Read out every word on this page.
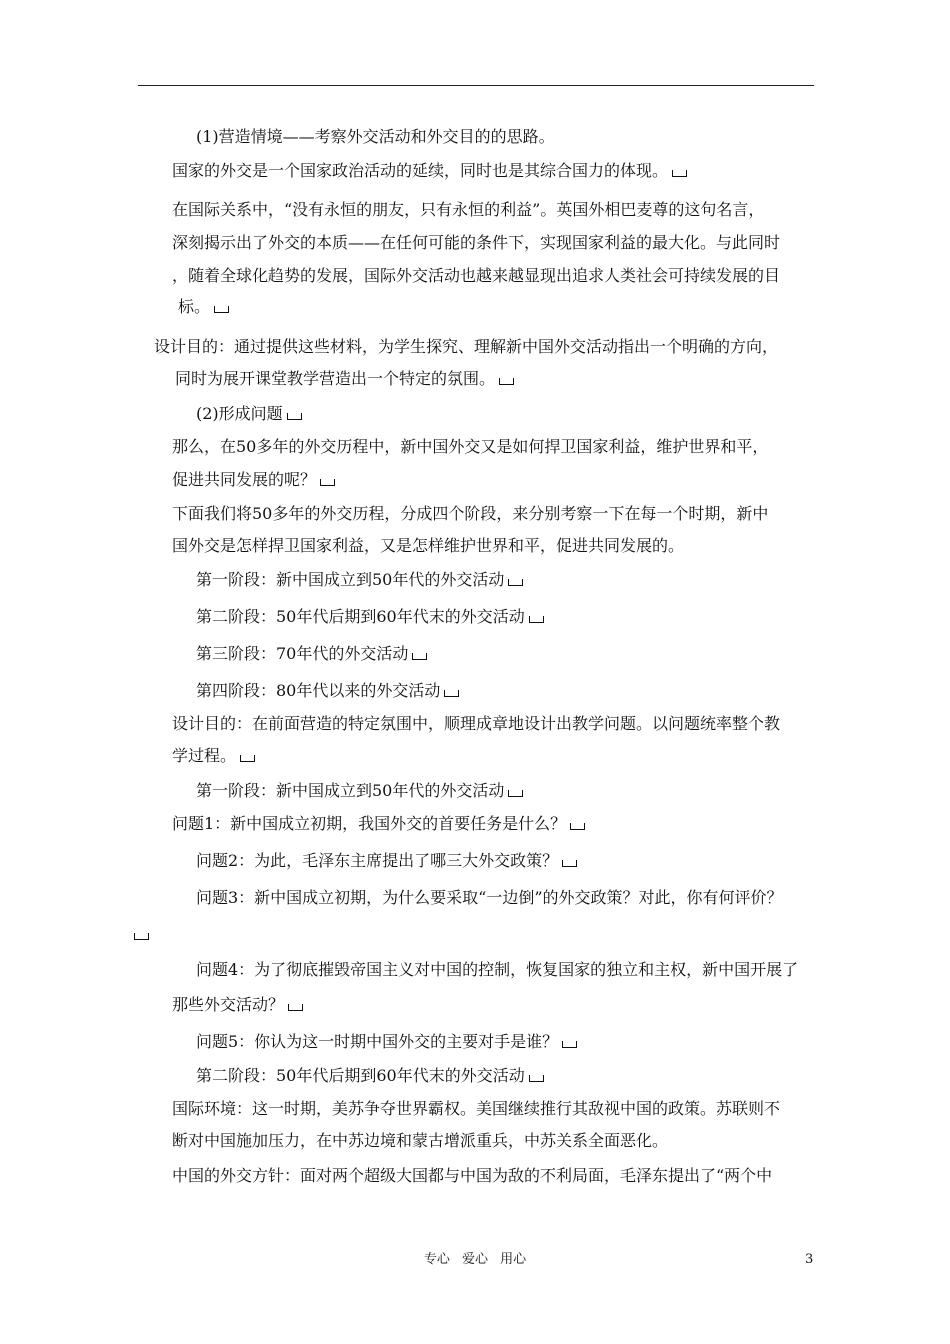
(1)营造情境——考察外交活动和外交目的的思路。
国家的外交是一个国家政治活动的延续，同时也是其综合国力的体现。
在国际关系中，“没有永恒的朋友，只有永恒的利益”。英国外相巴麦尊的这句名言，
深刻揭示出了外交的本质——在任何可能的条件下，实现国家利益的最大化。与此同时
，随着全球化趋势的发展，国际外交活动也越来越显现出追求人类社会可持续发展的目
标。
设计目的：通过提供这些材料，为学生探究、理解新中国外交活动指出一个明确的方向，
同时为展开课堂教学营造出一个特定的氛围。
(2)形成问题
那么，在50多年的外交历程中，新中国外交又是如何捍卫国家利益，维护世界和平，
促进共同发展的呢？
下面我们将50多年的外交历程，分成四个阶段，来分别考察一下在每一个时期，新中
国外交是怎样捍卫国家利益，又是怎样维护世界和平，促进共同发展的。
第一阶段：新中国成立到50年代的外交活动
第二阶段：50年代后期到60年代末的外交活动
第三阶段：70年代的外交活动
第四阶段：80年代以来的外交活动
设计目的：在前面营造的特定氛围中，顺理成章地设计出教学问题。以问题统率整个教
学过程。
第一阶段：新中国成立到50年代的外交活动
问题1：新中国成立初期，我国外交的首要任务是什么？
问题2：为此，毛泽东主席提出了哪三大外交政策？
问题3：新中国成立初期，为什么要采取“一边倒”的外交政策？对此，你有何评价？
问题4：为了彻底摧毁帝国主义对中国的控制，恢复国家的独立和主权，新中国开展了
那些外交活动？
问题5：你认为这一时期中国外交的主要对手是谁？
第二阶段：50年代后期到60年代末的外交活动
国际环境：这一时期，美苏争夺世界霸权。美国继续推行其敌视中国的政策。苏联则不
断对中国施加压力，在中苏边境和蒙古增派重兵，中苏关系全面恶化。
中国的外交方针：面对两个超级大国都与中国为敌的不利局面，毛泽东提出了“两个中
专心 爱心 用心	3
